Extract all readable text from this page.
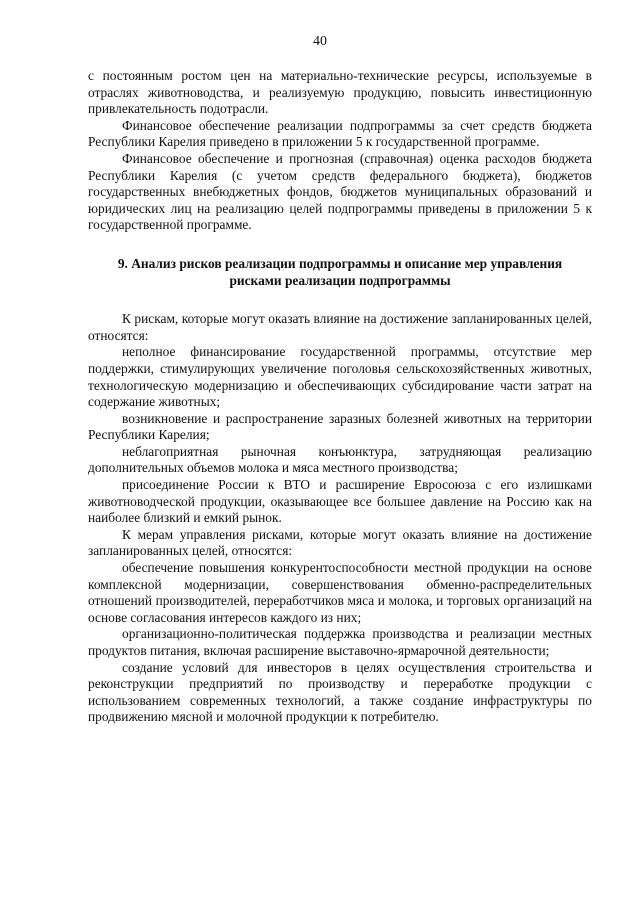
40

с постоянным ростом цен на материально-технические ресурсы, используемые в отраслях животноводства, и реализуемую продукцию, повысить инвестиционную привлекательность подотрасли.

Финансовое обеспечение реализации подпрограммы за счет средств бюджета Республики Карелия приведено в приложении 5 к государственной программе.

Финансовое обеспечение и прогнозная (справочная) оценка расходов бюджета Республики Карелия (с учетом средств федерального бюджета), бюджетов государственных внебюджетных фондов, бюджетов муниципальных образований и юридических лиц на реализацию целей подпрограммы приведены в приложении 5 к государственной программе.

9. Анализ рисков реализации подпрограммы и описание мер управления
рисками реализации подпрограммы

К рискам, которые могут оказать влияние на достижение запланированных целей, относятся:

неполное финансирование государственной программы, отсутствие мер поддержки, стимулирующих увеличение поголовья сельскохозяйственных животных, технологическую модернизацию и обеспечивающих субсидирование части затрат на содержание животных;

возникновение и распространение заразных болезней животных на территории Республики Карелия;

неблагоприятная рыночная конъюнктура, затрудняющая реализацию дополнительных объемов молока и мяса местного производства;

присоединение России к ВТО и расширение Евросоюза с его излишками животноводческой продукции, оказывающее все большее давление на Россию как на наиболее близкий и емкий рынок.

К мерам управления рисками, которые могут оказать влияние на достижение запланированных целей, относятся:

обеспечение повышения конкурентоспособности местной продукции на основе комплексной модернизации, совершенствования обменно-распределительных отношений производителей, переработчиков мяса и молока, и торговых организаций на основе согласования интересов каждого из них;

организационно-политическая поддержка производства и реализации местных продуктов питания, включая расширение выставочно-ярмарочной деятельности;

создание условий для инвесторов в целях осуществления строительства и реконструкции предприятий по производству и переработке продукции с использованием современных технологий, а также создание инфраструктуры по продвижению мясной и молочной продукции к потребителю.
